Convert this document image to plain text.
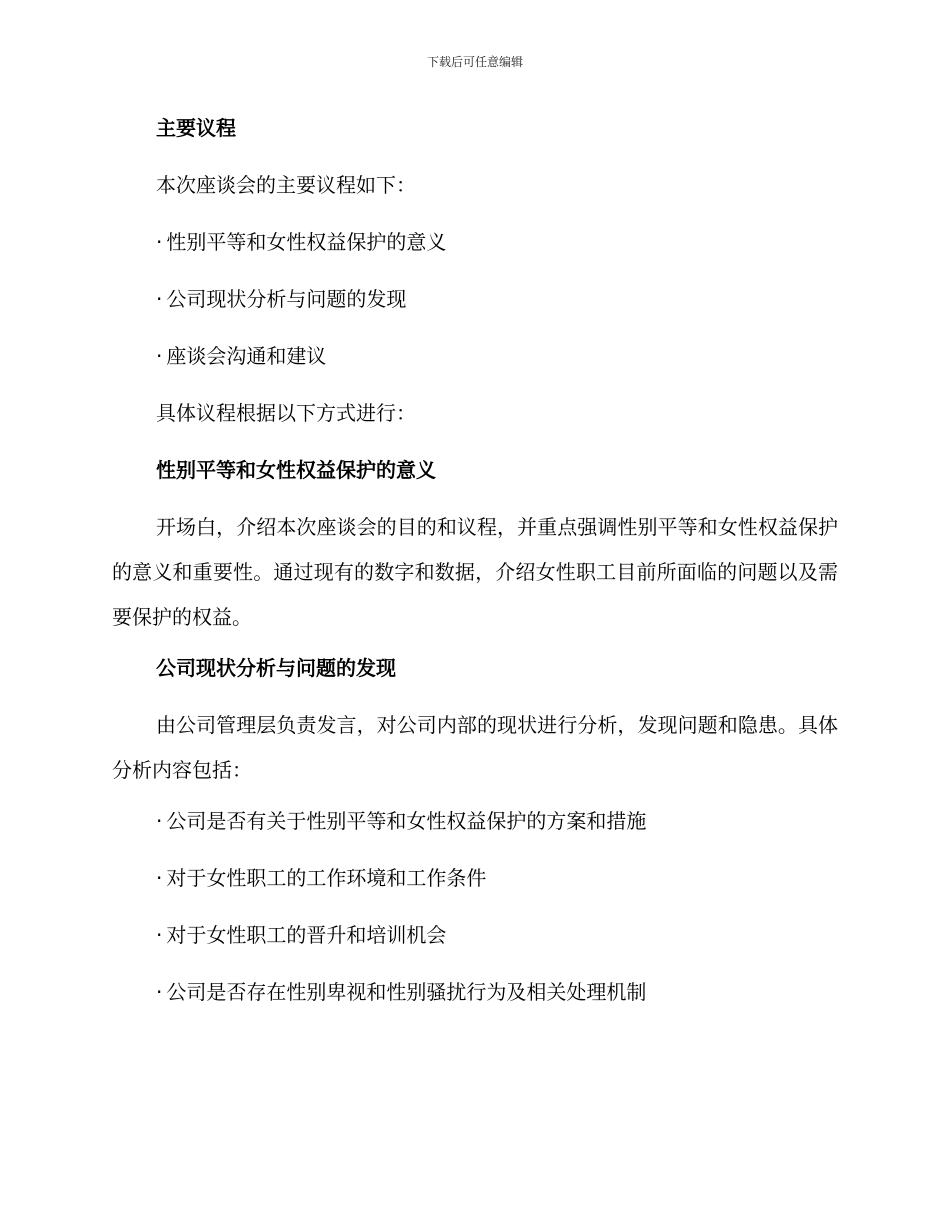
下载后可任意编辑
主要议程
本次座谈会的主要议程如下：
· 性别平等和女性权益保护的意义
· 公司现状分析与问题的发现
· 座谈会沟通和建议
具体议程根据以下方式进行：
性别平等和女性权益保护的意义
开场白，介绍本次座谈会的目的和议程，并重点强调性别平等和女性权益保护的意义和重要性。通过现有的数字和数据，介绍女性职工目前所面临的问题以及需要保护的权益。
公司现状分析与问题的发现
由公司管理层负责发言，对公司内部的现状进行分析，发现问题和隐患。具体分析内容包括：
· 公司是否有关于性别平等和女性权益保护的方案和措施
· 对于女性职工的工作环境和工作条件
· 对于女性职工的晋升和培训机会
· 公司是否存在性别卑视和性别骚扰行为及相关处理机制
